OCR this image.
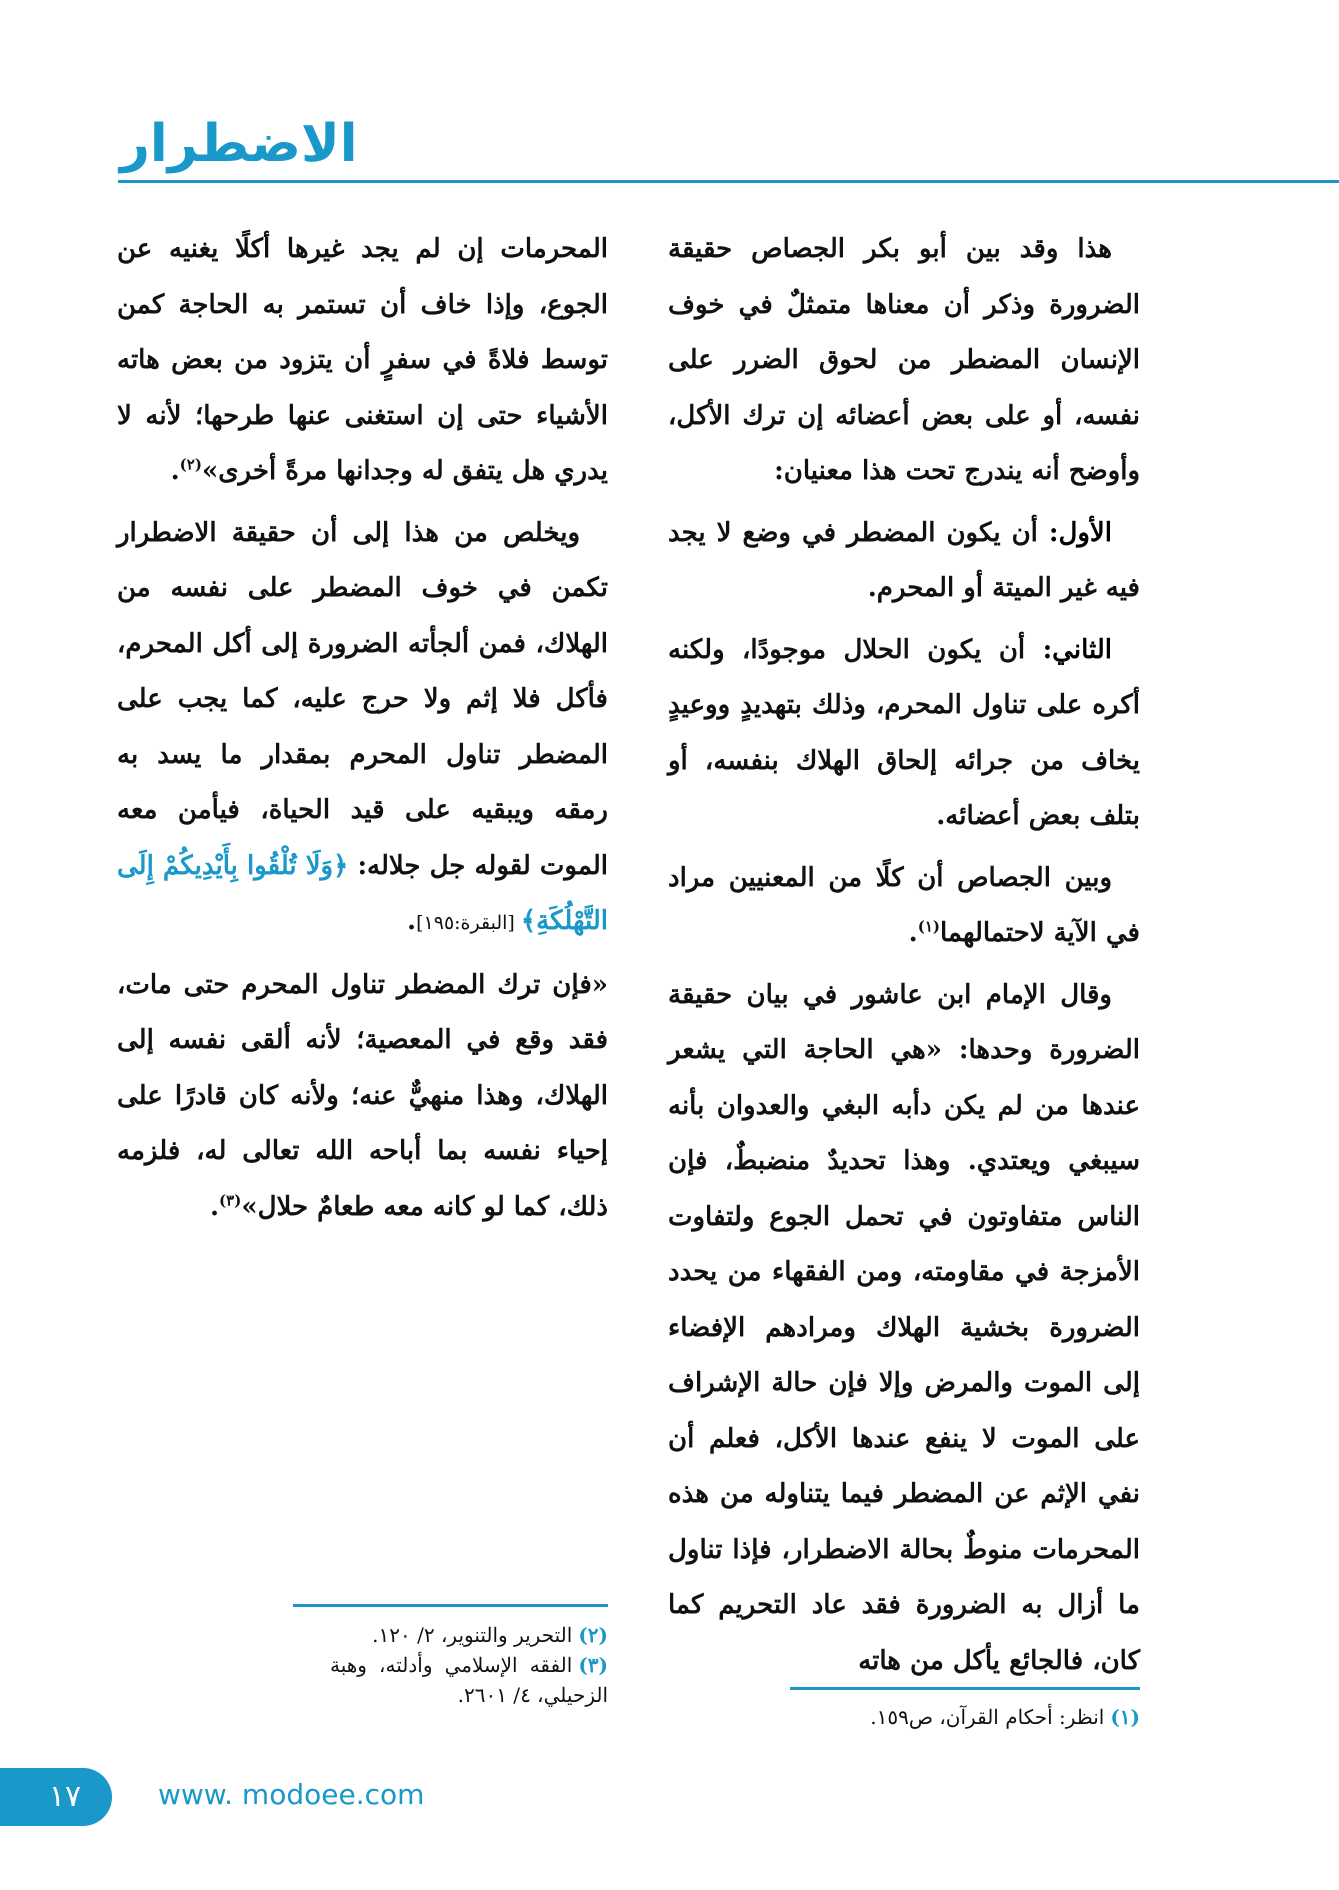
الاضطرار

هذا وقد بين أبو بكر الجصاص حقيقة الضرورة وذكر أن معناها متمثلٌ في خوف الإنسان المضطر من لحوق الضرر على نفسه، أو على بعض أعضائه إن ترك الأكل، وأوضح أنه يندرج تحت هذا معنيان:

الأول: أن يكون المضطر في وضع لا يجد فيه غير الميتة أو المحرم.

الثاني: أن يكون الحلال موجودًا، ولكنه أكره على تناول المحرم، وذلك بتهديدٍ ووعيدٍ يخاف من جرائه إلحاق الهلاك بنفسه، أو بتلف بعض أعضائه.

وبين الجصاص أن كلًا من المعنيين مراد في الآية لاحتمالهما$^{(١)}$.

وقال الإمام ابن عاشور في بيان حقيقة الضرورة وحدها: «هي الحاجة التي يشعر عندها من لم يكن دأبه البغي والعدوان بأنه سيبغي ويعتدي. وهذا تحديدٌ منضبطٌ، فإن الناس متفاوتون في تحمل الجوع ولتفاوت الأمزجة في مقاومته، ومن الفقهاء من يحدد الضرورة بخشية الهلاك ومرادهم الإفضاء إلى الموت والمرض وإلا فإن حالة الإشراف على الموت لا ينفع عندها الأكل، فعلم أن نفي الإثم عن المضطر فيما يتناوله من هذه المحرمات منوطٌ بحالة الاضطرار، فإذا تناول ما أزال به الضرورة فقد عاد التحريم كما كان، فالجائع يأكل من هاته

المحرمات إن لم يجد غيرها أكلًا يغنيه عن الجوع، وإذا خاف أن تستمر به الحاجة كمن توسط فلاةً في سفرٍ أن يتزود من بعض هاته الأشياء حتى إن استغنى عنها طرحها؛ لأنه لا يدري هل يتفق له وجدانها مرةً أخرى»$^{(٢)}$.

ويخلص من هذا إلى أن حقيقة الاضطرار تكمن في خوف المضطر على نفسه من الهلاك، فمن ألجأته الضرورة إلى أكل المحرم، فأكل فلا إثم ولا حرج عليه، كما يجب على المضطر تناول المحرم بمقدار ما يسد به رمقه ويبقيه على قيد الحياة، فيأمن معه الموت لقوله جل جلاله: ﴿وَلَا تُلْقُوا بِأَيْدِيكُمْ إِلَى التَّهْلُكَةِ﴾ [البقرة:١٩٥].

«فإن ترك المضطر تناول المحرم حتى مات، فقد وقع في المعصية؛ لأنه ألقى نفسه إلى الهلاك، وهذا منهيٌّ عنه؛ ولأنه كان قادرًا على إحياء نفسه بما أباحه الله تعالى له، فلزمه ذلك، كما لو كانه معه طعامٌ حلال»$^{(٣)}$.

(١)انظر: أحكام القرآن، ص١٥٩.
(٢)التحرير والتنوير، ٢/ ١٢٠.
(٣)الفقه الإسلامي وأدلته، وهبة الزحيلي، ٤/ ٢٦٠١.
١٧	www. modoee.com
